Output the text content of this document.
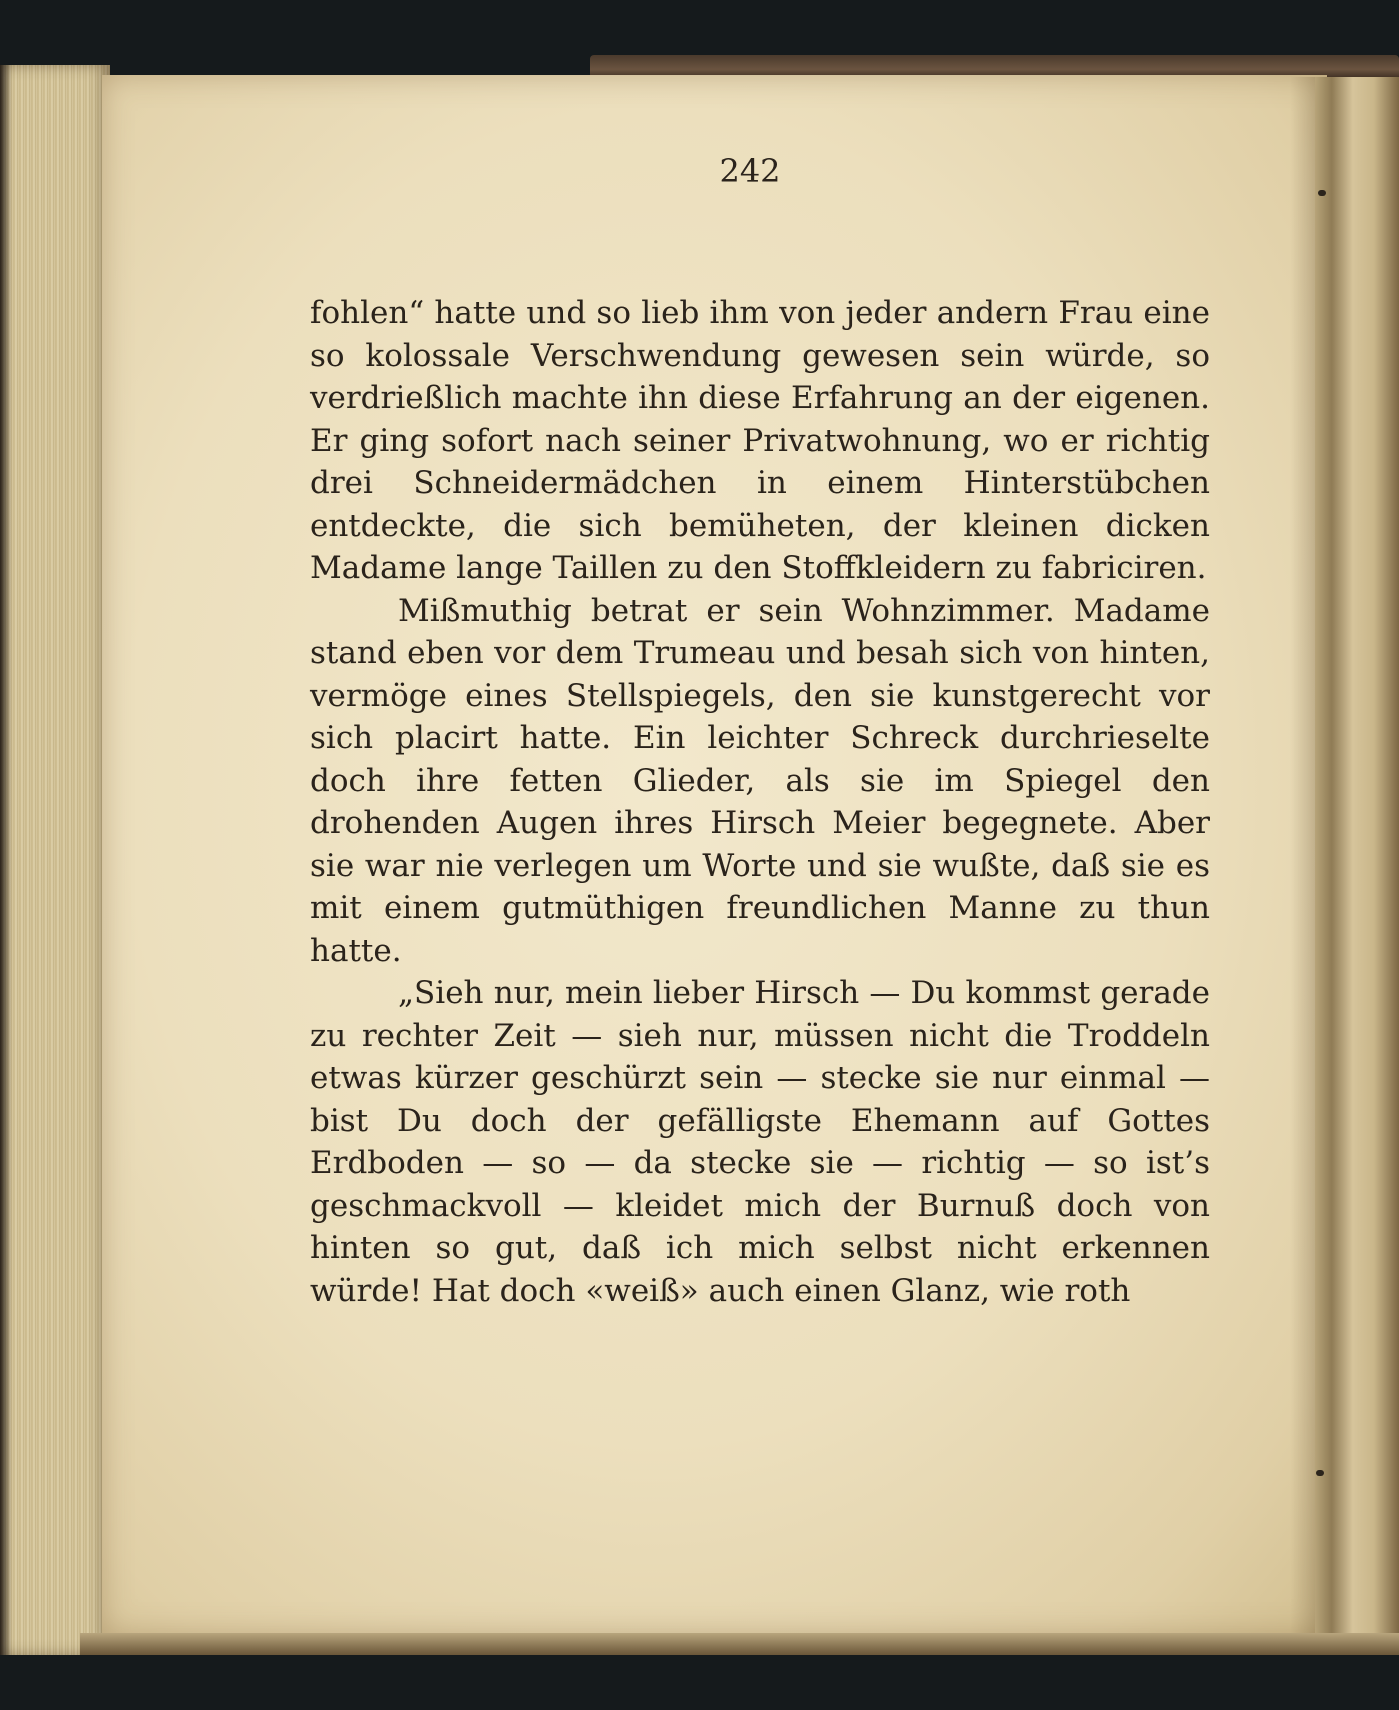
242

fohlen“ hatte und so lieb ihm von jeder andern Frau eine so kolossale Verschwendung gewesen sein würde, so verdrießlich machte ihn diese Erfahrung an der eigenen. Er ging sofort nach seiner Privatwohnung, wo er richtig drei Schneidermädchen in einem Hinterstübchen entdeckte, die sich bemüheten, der kleinen dicken Madame lange Taillen zu den Stoffkleidern zu fabriciren.

Mißmuthig betrat er sein Wohnzimmer. Madame stand eben vor dem Trumeau und besah sich von hinten, vermöge eines Stellspiegels, den sie kunstgerecht vor sich placirt hatte. Ein leichter Schreck durchrieselte doch ihre fetten Glieder, als sie im Spiegel den drohenden Augen ihres Hirsch Meier begegnete. Aber sie war nie verlegen um Worte und sie wußte, daß sie es mit einem gutmüthigen freundlichen Manne zu thun hatte.

„Sieh nur, mein lieber Hirsch — Du kommst gerade zu rechter Zeit — sieh nur, müssen nicht die Troddeln etwas kürzer geschürzt sein — stecke sie nur einmal — bist Du doch der gefälligste Ehemann auf Gottes Erdboden — so — da stecke sie — richtig — so ist’s geschmackvoll — kleidet mich der Burnuß doch von hinten so gut, daß ich mich selbst nicht erkennen würde! Hat doch «weiß» auch einen Glanz, wie roth
